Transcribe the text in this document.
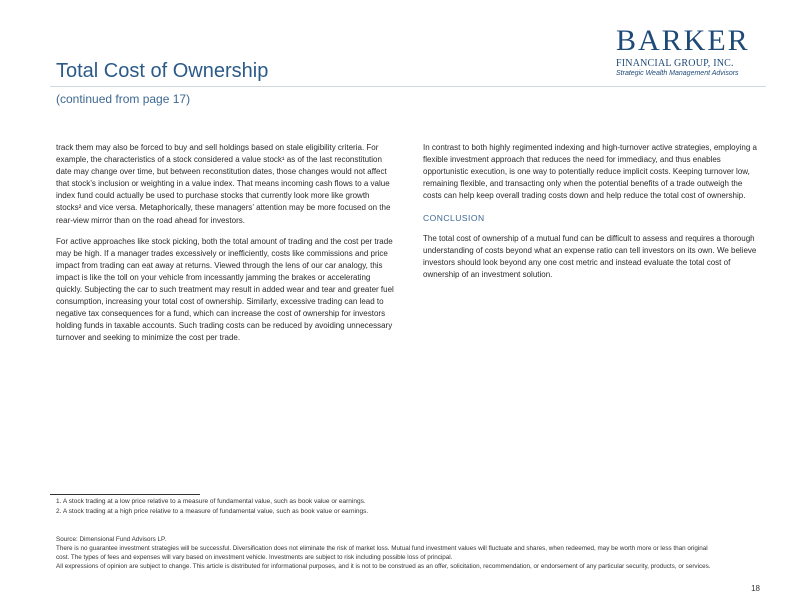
Total Cost of Ownership
(continued from page 17)
BARKER
FINANCIAL GROUP, INC.
Strategic Wealth Management Advisors

track them may also be forced to buy and sell holdings based on stale eligibility criteria. For example, the characteristics of a stock considered a value stock¹ as of the last reconstitution date may change over time, but between reconstitution dates, those changes would not affect that stock’s inclusion or weighting in a value index. That means incoming cash flows to a value index fund could actually be used to purchase stocks that currently look more like growth stocks² and vice versa. Metaphorically, these managers’ attention may be more focused on the rear-view mirror than on the road ahead for investors.

For active approaches like stock picking, both the total amount of trading and the cost per trade may be high. If a manager trades excessively or inefficiently, costs like commissions and price impact from trading can eat away at returns. Viewed through the lens of our car analogy, this impact is like the toll on your vehicle from incessantly jamming the brakes or accelerating quickly. Subjecting the car to such treatment may result in added wear and tear and greater fuel consumption, increasing your total cost of ownership. Similarly, excessive trading can lead to negative tax consequences for a fund, which can increase the cost of ownership for investors holding funds in taxable accounts. Such trading costs can be reduced by avoiding unnecessary turnover and seeking to minimize the cost per trade.

In contrast to both highly regimented indexing and high-turnover active strategies, employing a flexible investment approach that reduces the need for immediacy, and thus enables opportunistic execution, is one way to potentially reduce implicit costs. Keeping turnover low, remaining flexible, and transacting only when the potential benefits of a trade outweigh the costs can help keep overall trading costs down and help reduce the total cost of ownership.

CONCLUSION

The total cost of ownership of a mutual fund can be difficult to assess and requires a thorough understanding of costs beyond what an expense ratio can tell investors on its own. We believe investors should look beyond any one cost metric and instead evaluate the total cost of ownership of an investment solution.

1. A stock trading at a low price relative to a measure of fundamental value, such as book value or earnings.
2. A stock trading at a high price relative to a measure of fundamental value, such as book value or earnings.
Source: Dimensional Fund Advisors LP.
There is no guarantee investment strategies will be successful. Diversification does not eliminate the risk of market loss. Mutual fund investment values will fluctuate and shares, when redeemed, may be worth more or less than original cost. The types of fees and expenses will vary based on investment vehicle. Investments are subject to risk including possible loss of principal.
All expressions of opinion are subject to change. This article is distributed for informational purposes, and it is not to be construed as an offer, solicitation, recommendation, or endorsement of any particular security, products, or services.
18
